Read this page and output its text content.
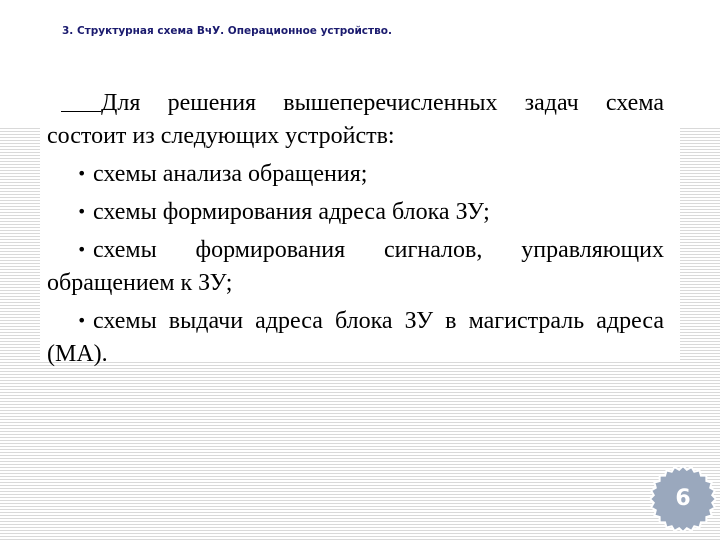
3. Структурная схема ВчУ. Операционное устройство.

Для решения вышеперечисленных задач схема состоит из следующих устройств:

• схемы анализа обращения;
• схемы формирования адреса блока ЗУ;
• схемы формирования сигналов, управляющих обращением к ЗУ;
• схемы выдачи адреса блока ЗУ в магистраль адреса (МА).
6
